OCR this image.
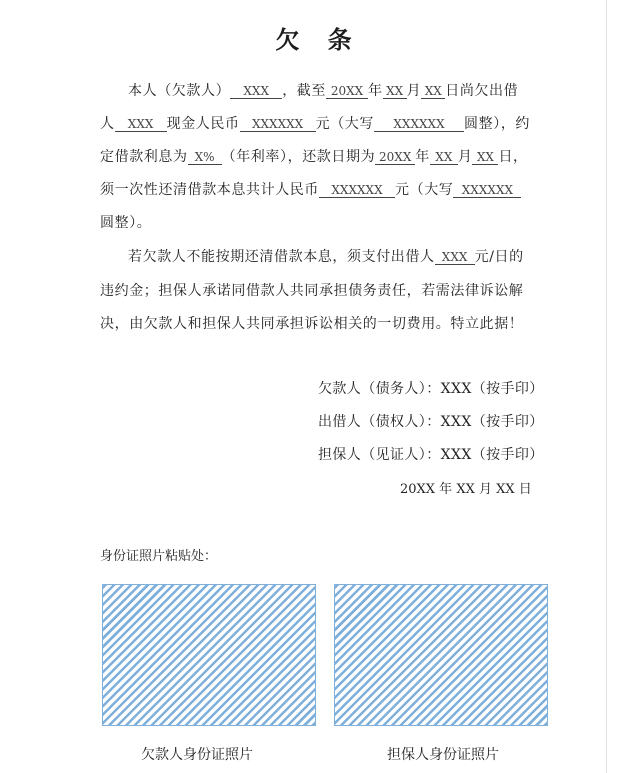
欠 条
本人（欠款人） XXX ，截至 20XX 年 XX 月 XX 日尚欠出借
人 XXX 现金人民币 XXXXXX 元（大写 XXXXXX 圆整），约
定借款利息为 X% （年利率），还款日期为 20XX 年 XX 月 XX 日，
须一次性还清借款本息共计人民币 XXXXXX 元（大写 XXXXXX
圆整）。
若欠款人不能按期还清借款本息，须支付出借人 XXX 元/日的
违约金；担保人承诺同借款人共同承担债务责任，若需法律诉讼解
决，由欠款人和担保人共同承担诉讼相关的一切费用。特立此据！
欠款人（债务人）：XXX（按手印）
出借人（债权人）：XXX（按手印）
担保人（见证人）：XXX（按手印）
20XX 年 XX 月 XX 日
身份证照片粘贴处：
欠款人身份证照片	担保人身份证照片
